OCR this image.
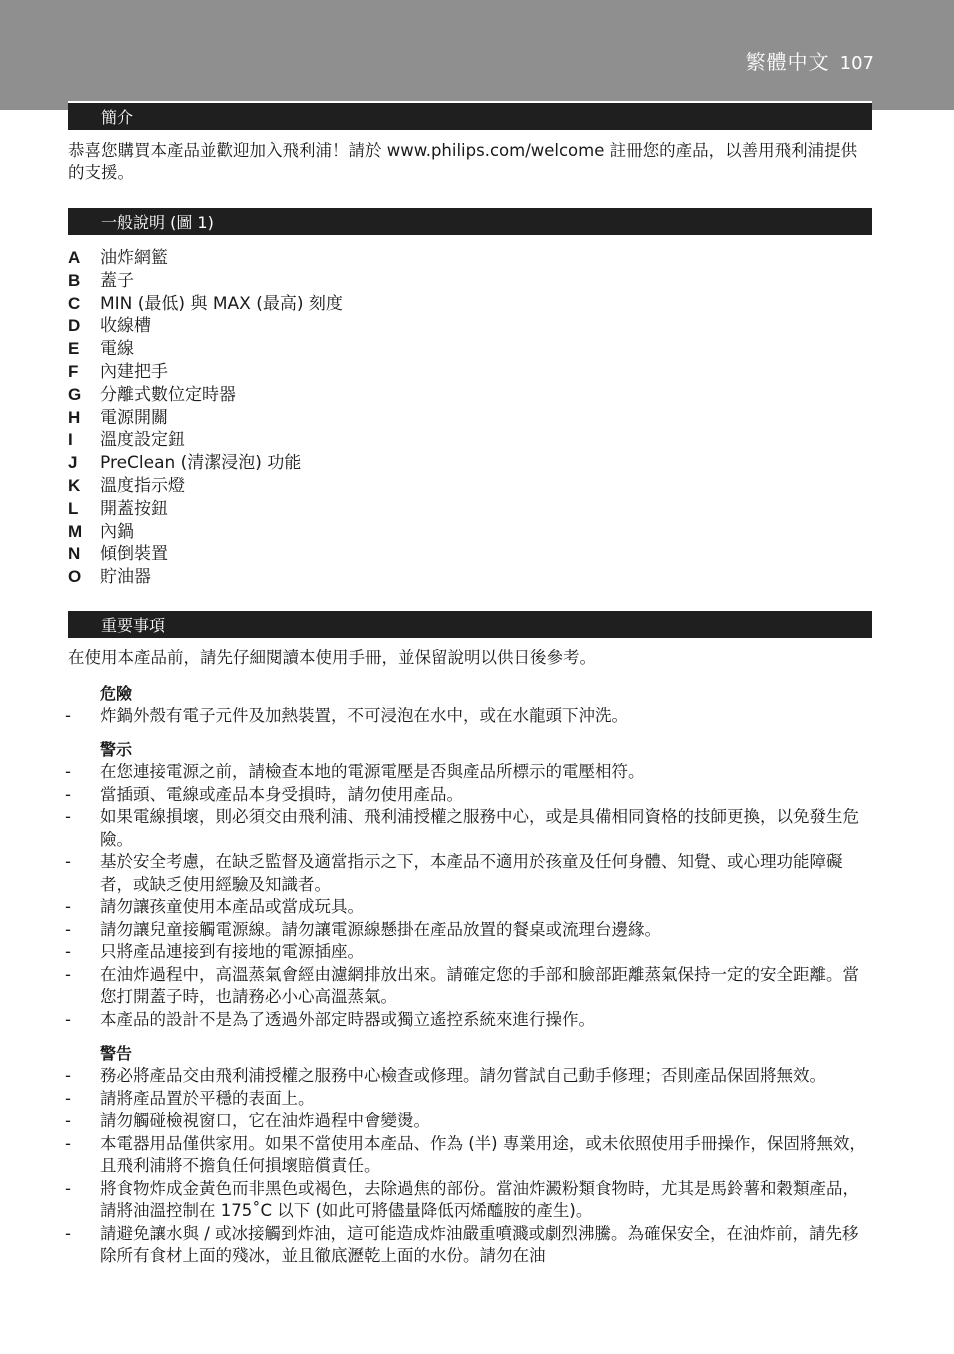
繁體中文 107
簡介

恭喜您購買本產品並歡迎加入飛利浦！請於 www.philips.com/welcome 註冊您的產品，以善用飛利浦提供的支援。

一般說明 (圖 1)
A	油炸網籃
B	蓋子
C	MIN (最低) 與 MAX (最高) 刻度
D	收線槽
E	電線
F	內建把手
G	分離式數位定時器
H	電源開關
I	溫度設定鈕
J	PreClean (清潔浸泡) 功能
K	溫度指示燈
L	開蓋按鈕
M	內鍋
N	傾倒裝置
O	貯油器
重要事項

在使用本產品前，請先仔細閱讀本使用手冊，並保留說明以供日後參考。

危險
-	炸鍋外殼有電子元件及加熱裝置，不可浸泡在水中，或在水龍頭下沖洗。
警示
-	在您連接電源之前，請檢查本地的電源電壓是否與產品所標示的電壓相符。
-	當插頭、電線或產品本身受損時，請勿使用產品。
-	如果電線損壞，則必須交由飛利浦、飛利浦授權之服務中心，或是具備相同資格的技師更換，以免發生危險。
-	基於安全考慮，在缺乏監督及適當指示之下，本產品不適用於孩童及任何身體、知覺、或心理功能障礙者，或缺乏使用經驗及知識者。
-	請勿讓孩童使用本產品或當成玩具。
-	請勿讓兒童接觸電源線。請勿讓電源線懸掛在產品放置的餐桌或流理台邊緣。
-	只將產品連接到有接地的電源插座。
-	在油炸過程中，高溫蒸氣會經由濾網排放出來。請確定您的手部和臉部距離蒸氣保持一定的安全距離。當您打開蓋子時，也請務必小心高溫蒸氣。
-	本產品的設計不是為了透過外部定時器或獨立遙控系統來進行操作。
警告
-	務必將產品交由飛利浦授權之服務中心檢查或修理。請勿嘗試自己動手修理；否則產品保固將無效。
-	請將產品置於平穩的表面上。
-	請勿觸碰檢視窗口，它在油炸過程中會變燙。
-	本電器用品僅供家用。如果不當使用本產品、作為 (半) 專業用途，或未依照使用手冊操作，保固將無效，且飛利浦將不擔負任何損壞賠償責任。
-	將食物炸成金黃色而非黑色或褐色，去除過焦的部份。當油炸澱粉類食物時，尤其是馬鈴薯和穀類產品，請將油溫控制在 175˚C 以下 (如此可將儘量降低丙烯醯胺的產生)。
-	請避免讓水與 / 或冰接觸到炸油，這可能造成炸油嚴重噴濺或劇烈沸騰。為確保安全，在油炸前，請先移除所有食材上面的殘冰，並且徹底瀝乾上面的水份。請勿在油
